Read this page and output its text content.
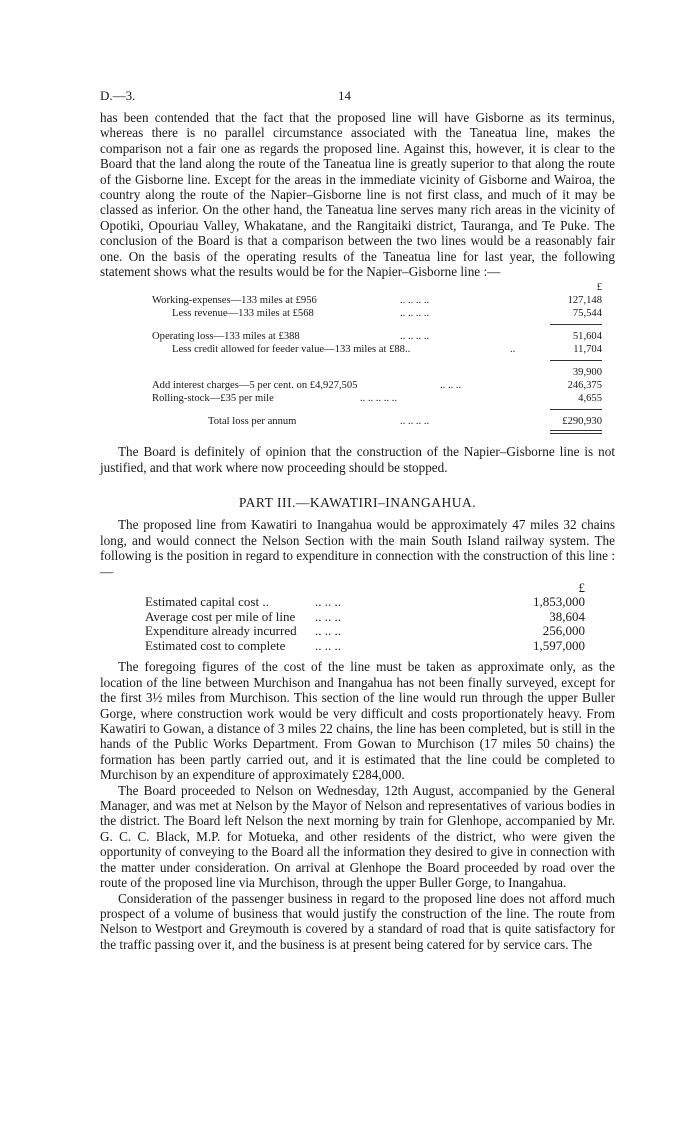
D.—3.	14

has been contended that the fact that the proposed line will have Gisborne as its terminus, whereas there is no parallel circumstance associated with the Taneatua line, makes the comparison not a fair one as regards the proposed line. Against this, however, it is clear to the Board that the land along the route of the Taneatua line is greatly superior to that along the route of the Gisborne line. Except for the areas in the immediate vicinity of Gisborne and Wairoa, the country along the route of the Napier–Gisborne line is not first class, and much of it may be classed as inferior. On the other hand, the Taneatua line serves many rich areas in the vicinity of Opotiki, Opouriau Valley, Whakatane, and the Rangitaiki district, Tauranga, and Te Puke. The conclusion of the Board is that a comparison between the two lines would be a reasonably fair one. On the basis of the operating results of the Taneatua line for last year, the following statement shows what the results would be for the Napier–Gisborne line :—

£
Working-expenses—133 miles at £956	.. .. .. ..	127,148
Less revenue—133 miles at £568	.. .. .. ..	75,544
Operating loss—133 miles at £388	.. .. .. ..	51,604
Less credit allowed for feeder value—133 miles at £88..	..	11,704
39,900
Add interest charges—5 per cent. on £4,927,505	.. .. ..	246,375
Rolling-stock—£35 per mile	.. .. .. .. ..	4,655
Total loss per annum	.. .. .. ..	£290,930

The Board is definitely of opinion that the construction of the Napier–Gisborne line is not justified, and that work where now proceeding should be stopped.

PART III.—KAWATIRI–INANGAHUA.

The proposed line from Kawatiri to Inangahua would be approximately 47 miles 32 chains long, and would connect the Nelson Section with the main South Island railway system. The following is the position in regard to expenditure in connection with the construction of this line :—

£
Estimated capital cost ..	.. .. ..	1,853,000
Average cost per mile of line	.. .. ..	38,604
Expenditure already incurred	.. .. ..	256,000
Estimated cost to complete	.. .. ..	1,597,000

The foregoing figures of the cost of the line must be taken as approximate only, as the location of the line between Murchison and Inangahua has not been finally surveyed, except for the first 3½ miles from Murchison. This section of the line would run through the upper Buller Gorge, where construction work would be very difficult and costs proportionately heavy. From Kawatiri to Gowan, a distance of 3 miles 22 chains, the line has been completed, but is still in the hands of the Public Works Department. From Gowan to Murchison (17 miles 50 chains) the formation has been partly carried out, and it is estimated that the line could be completed to Murchison by an expenditure of approximately £284,000.

The Board proceeded to Nelson on Wednesday, 12th August, accompanied by the General Manager, and was met at Nelson by the Mayor of Nelson and representatives of various bodies in the district. The Board left Nelson the next morning by train for Glenhope, accompanied by Mr. G. C. C. Black, M.P. for Motueka, and other residents of the district, who were given the opportunity of conveying to the Board all the information they desired to give in connection with the matter under consideration. On arrival at Glenhope the Board proceeded by road over the route of the proposed line via Murchison, through the upper Buller Gorge, to Inangahua.

Consideration of the passenger business in regard to the proposed line does not afford much prospect of a volume of business that would justify the construction of the line. The route from Nelson to Westport and Greymouth is covered by a standard of road that is quite satisfactory for the traffic passing over it, and the business is at present being catered for by service cars. The
